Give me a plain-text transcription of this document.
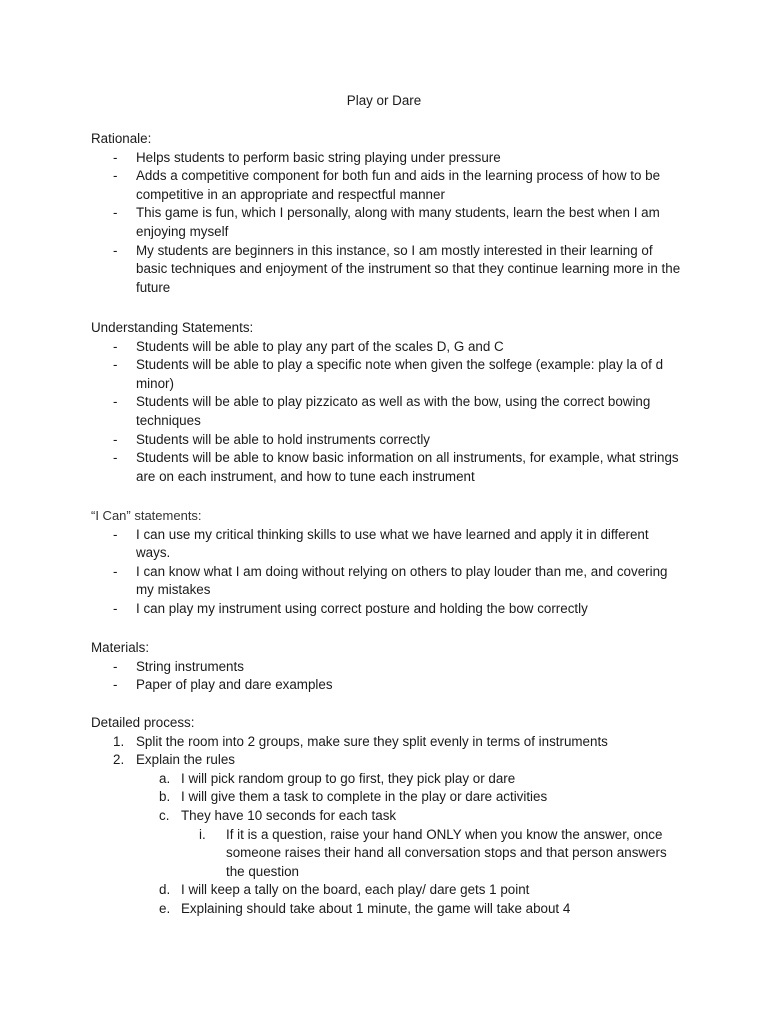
Play or Dare

Rationale:

- Helps students to perform basic string playing under pressure
- Adds a competitive component for both fun and aids in the learning process of how to be competitive in an appropriate and respectful manner
- This game is fun, which I personally, along with many students, learn the best when I am enjoying myself
- My students are beginners in this instance, so I am mostly interested in their learning of basic techniques and enjoyment of the instrument so that they continue learning more in the future

Understanding Statements:

- Students will be able to play any part of the scales D, G and C
- Students will be able to play a specific note when given the solfege (example: play la of d minor)
- Students will be able to play pizzicato as well as with the bow, using the correct bowing techniques
- Students will be able to hold instruments correctly
- Students will be able to know basic information on all instruments, for example, what strings are on each instrument, and how to tune each instrument

“I Can” statements:

- I can use my critical thinking skills to use what we have learned and apply it in different ways.
- I can know what I am doing without relying on others to play louder than me, and covering my mistakes
- I can play my instrument using correct posture and holding the bow correctly

Materials:

- String instruments
- Paper of play and dare examples

Detailed process:

1. Split the room into 2 groups, make sure they split evenly in terms of instruments
2. Explain the rules
a. I will pick random group to go first, they pick play or dare
b. I will give them a task to complete in the play or dare activities
c. They have 10 seconds for each task
i. If it is a question, raise your hand ONLY when you know the answer, once someone raises their hand all conversation stops and that person answers the question
d. I will keep a tally on the board, each play/ dare gets 1 point
e. Explaining should take about 1 minute, the game will take about 4
